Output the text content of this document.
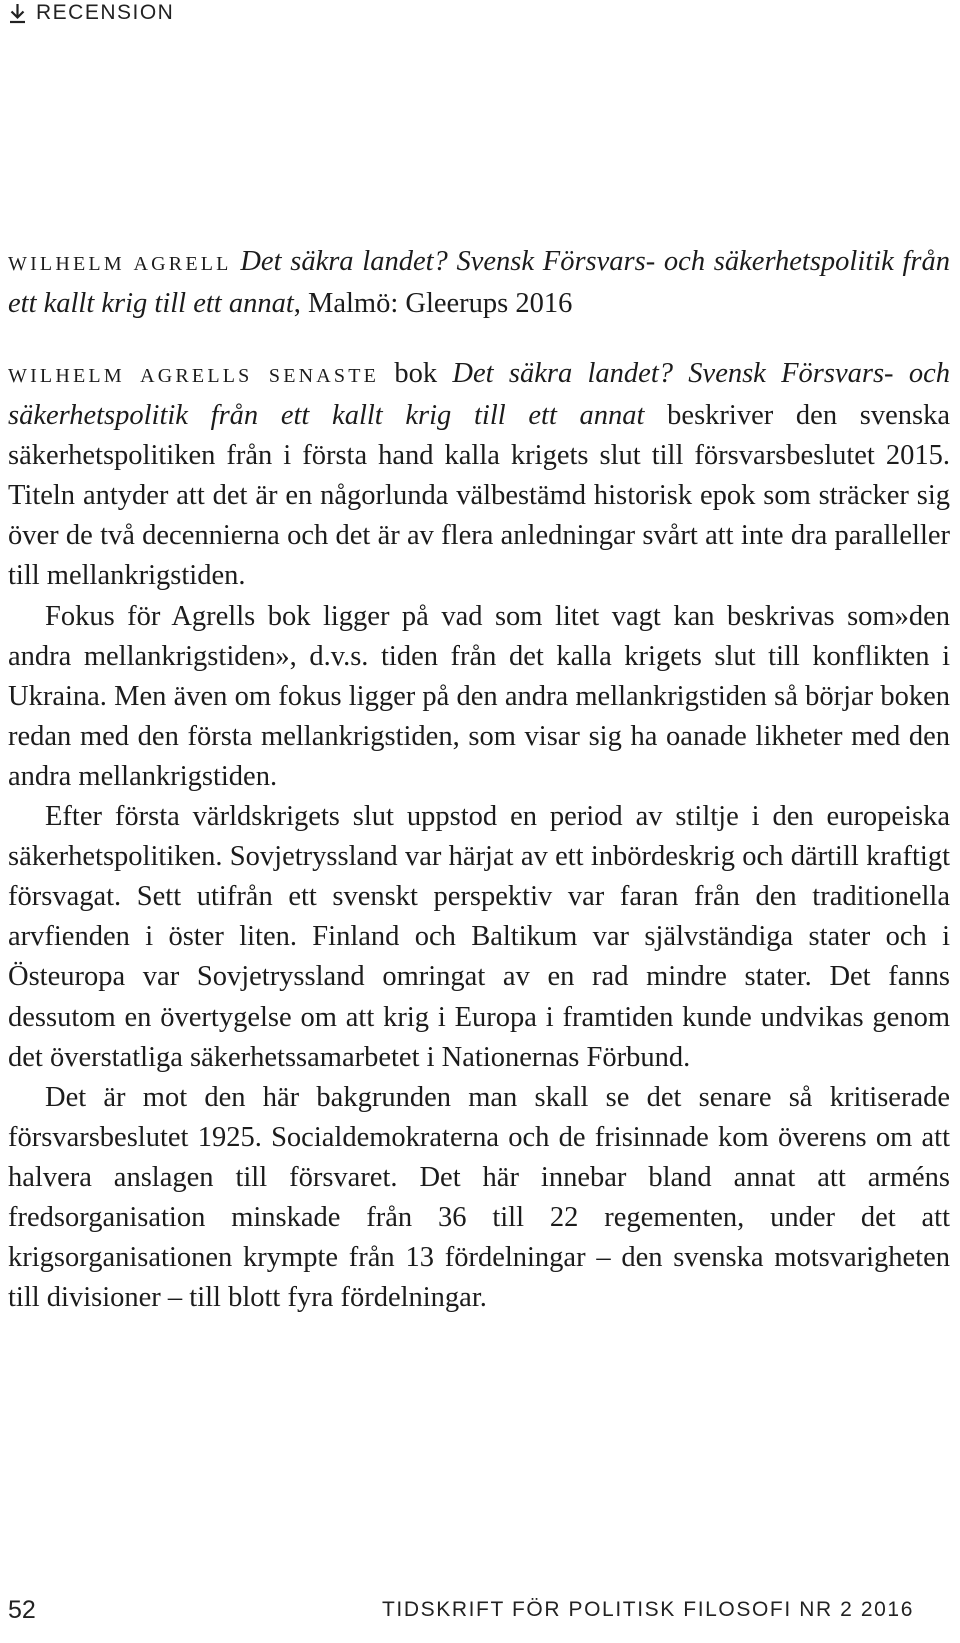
RECENSION
WILHELM AGRELL Det säkra landet? Svensk Försvars- och säkerhetspolitik från ett kallt krig till ett annat, Malmö: Gleerups 2016

WILHELM AGRELLS SENASTE bok Det säkra landet? Svensk Försvars- och säkerhetspolitik från ett kallt krig till ett annat beskriver den svenska säkerhetspolitiken från i första hand kalla krigets slut till försvarsbeslutet 2015. Titeln antyder att det är en någorlunda välbestämd historisk epok som sträcker sig över de två decennierna och det är av flera anledningar svårt att inte dra paralleller till mellankrigstiden.

Fokus för Agrells bok ligger på vad som litet vagt kan beskrivas som»den andra mellankrigstiden», d.v.s. tiden från det kalla krigets slut till konflikten i Ukraina. Men även om fokus ligger på den andra mellankrigstiden så börjar boken redan med den första mellankrigstiden, som visar sig ha oanade likheter med den andra mellankrigstiden.

Efter första världskrigets slut uppstod en period av stiltje i den europeiska säkerhetspolitiken. Sovjetryssland var härjat av ett inbördeskrig och därtill kraftigt försvagat. Sett utifrån ett svenskt perspektiv var faran från den traditionella arvfienden i öster liten. Finland och Baltikum var självständiga stater och i Östeuropa var Sovjetryssland omringat av en rad mindre stater. Det fanns dessutom en övertygelse om att krig i Europa i framtiden kunde undvikas genom det överstatliga säkerhetssamarbetet i Nationernas Förbund.

Det är mot den här bakgrunden man skall se det senare så kritiserade försvarsbeslutet 1925. Socialdemokraterna och de frisinnade kom överens om att halvera anslagen till försvaret. Det här innebar bland annat att arméns fredsorganisation minskade från 36 till 22 regementen, under det att krigsorganisationen krympte från 13 fördelningar – den svenska motsvarigheten till divisioner – till blott fyra fördelningar.

52	TIDSKRIFT FÖR POLITISK FILOSOFI NR 2 2016
